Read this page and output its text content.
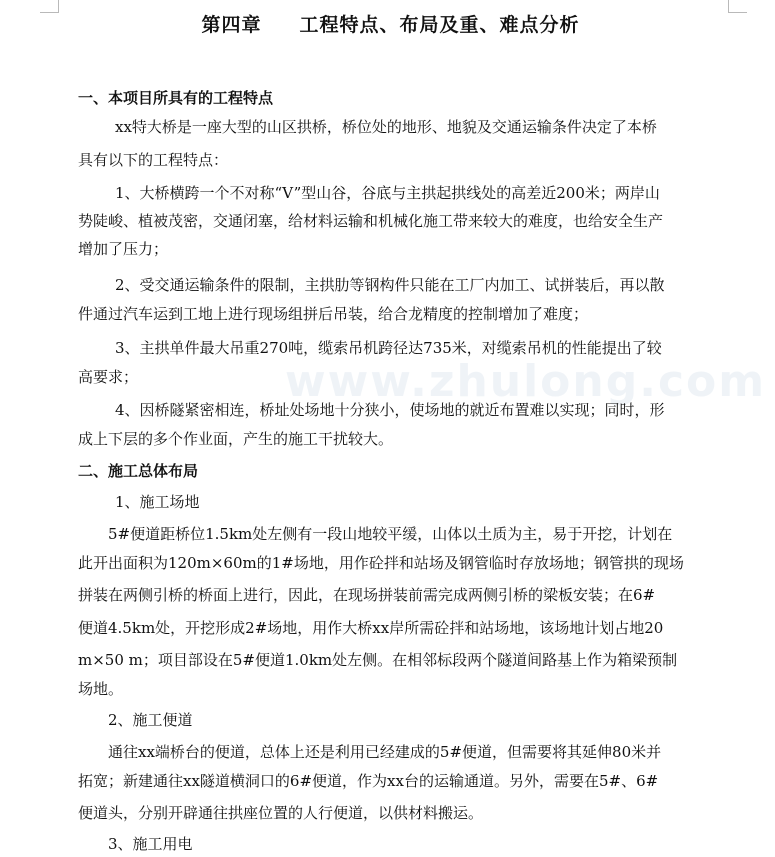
www.zhulong.com
第四章 工程特点、布局及重、难点分析
一、本项目所具有的工程特点
xx特大桥是一座大型的山区拱桥，桥位处的地形、地貌及交通运输条件决定了本桥
具有以下的工程特点：
1、大桥横跨一个不对称“V”型山谷，谷底与主拱起拱线处的高差近200米；两岸山
势陡峻、植被茂密，交通闭塞，给材料运输和机械化施工带来较大的难度，也给安全生产
增加了压力；
2、受交通运输条件的限制，主拱肋等钢构件只能在工厂内加工、试拼装后，再以散
件通过汽车运到工地上进行现场组拼后吊装，给合龙精度的控制增加了难度；
3、主拱单件最大吊重270吨，缆索吊机跨径达735米，对缆索吊机的性能提出了较
高要求；
4、因桥隧紧密相连，桥址处场地十分狭小，使场地的就近布置难以实现；同时，形
成上下层的多个作业面，产生的施工干扰较大。
二、施工总体布局
1、施工场地
5#便道距桥位1.5km处左侧有一段山地较平缓，山体以土质为主，易于开挖，计划在
此开出面积为120m×60m的1#场地，用作砼拌和站场及钢管临时存放场地；钢管拱的现场
拼装在两侧引桥的桥面上进行，因此，在现场拼装前需完成两侧引桥的梁板安装；在6#
便道4.5km处，开挖形成2#场地，用作大桥xx岸所需砼拌和站场地，该场地计划占地20
m×50 m；项目部设在5#便道1.0km处左侧。在相邻标段两个隧道间路基上作为箱梁预制
场地。
2、施工便道
通往xx端桥台的便道，总体上还是利用已经建成的5#便道，但需要将其延伸80米并
拓宽；新建通往xx隧道横洞口的6#便道，作为xx台的运输通道。另外，需要在5#、6#
便道头，分别开辟通往拱座位置的人行便道，以供材料搬运。
3、施工用电
